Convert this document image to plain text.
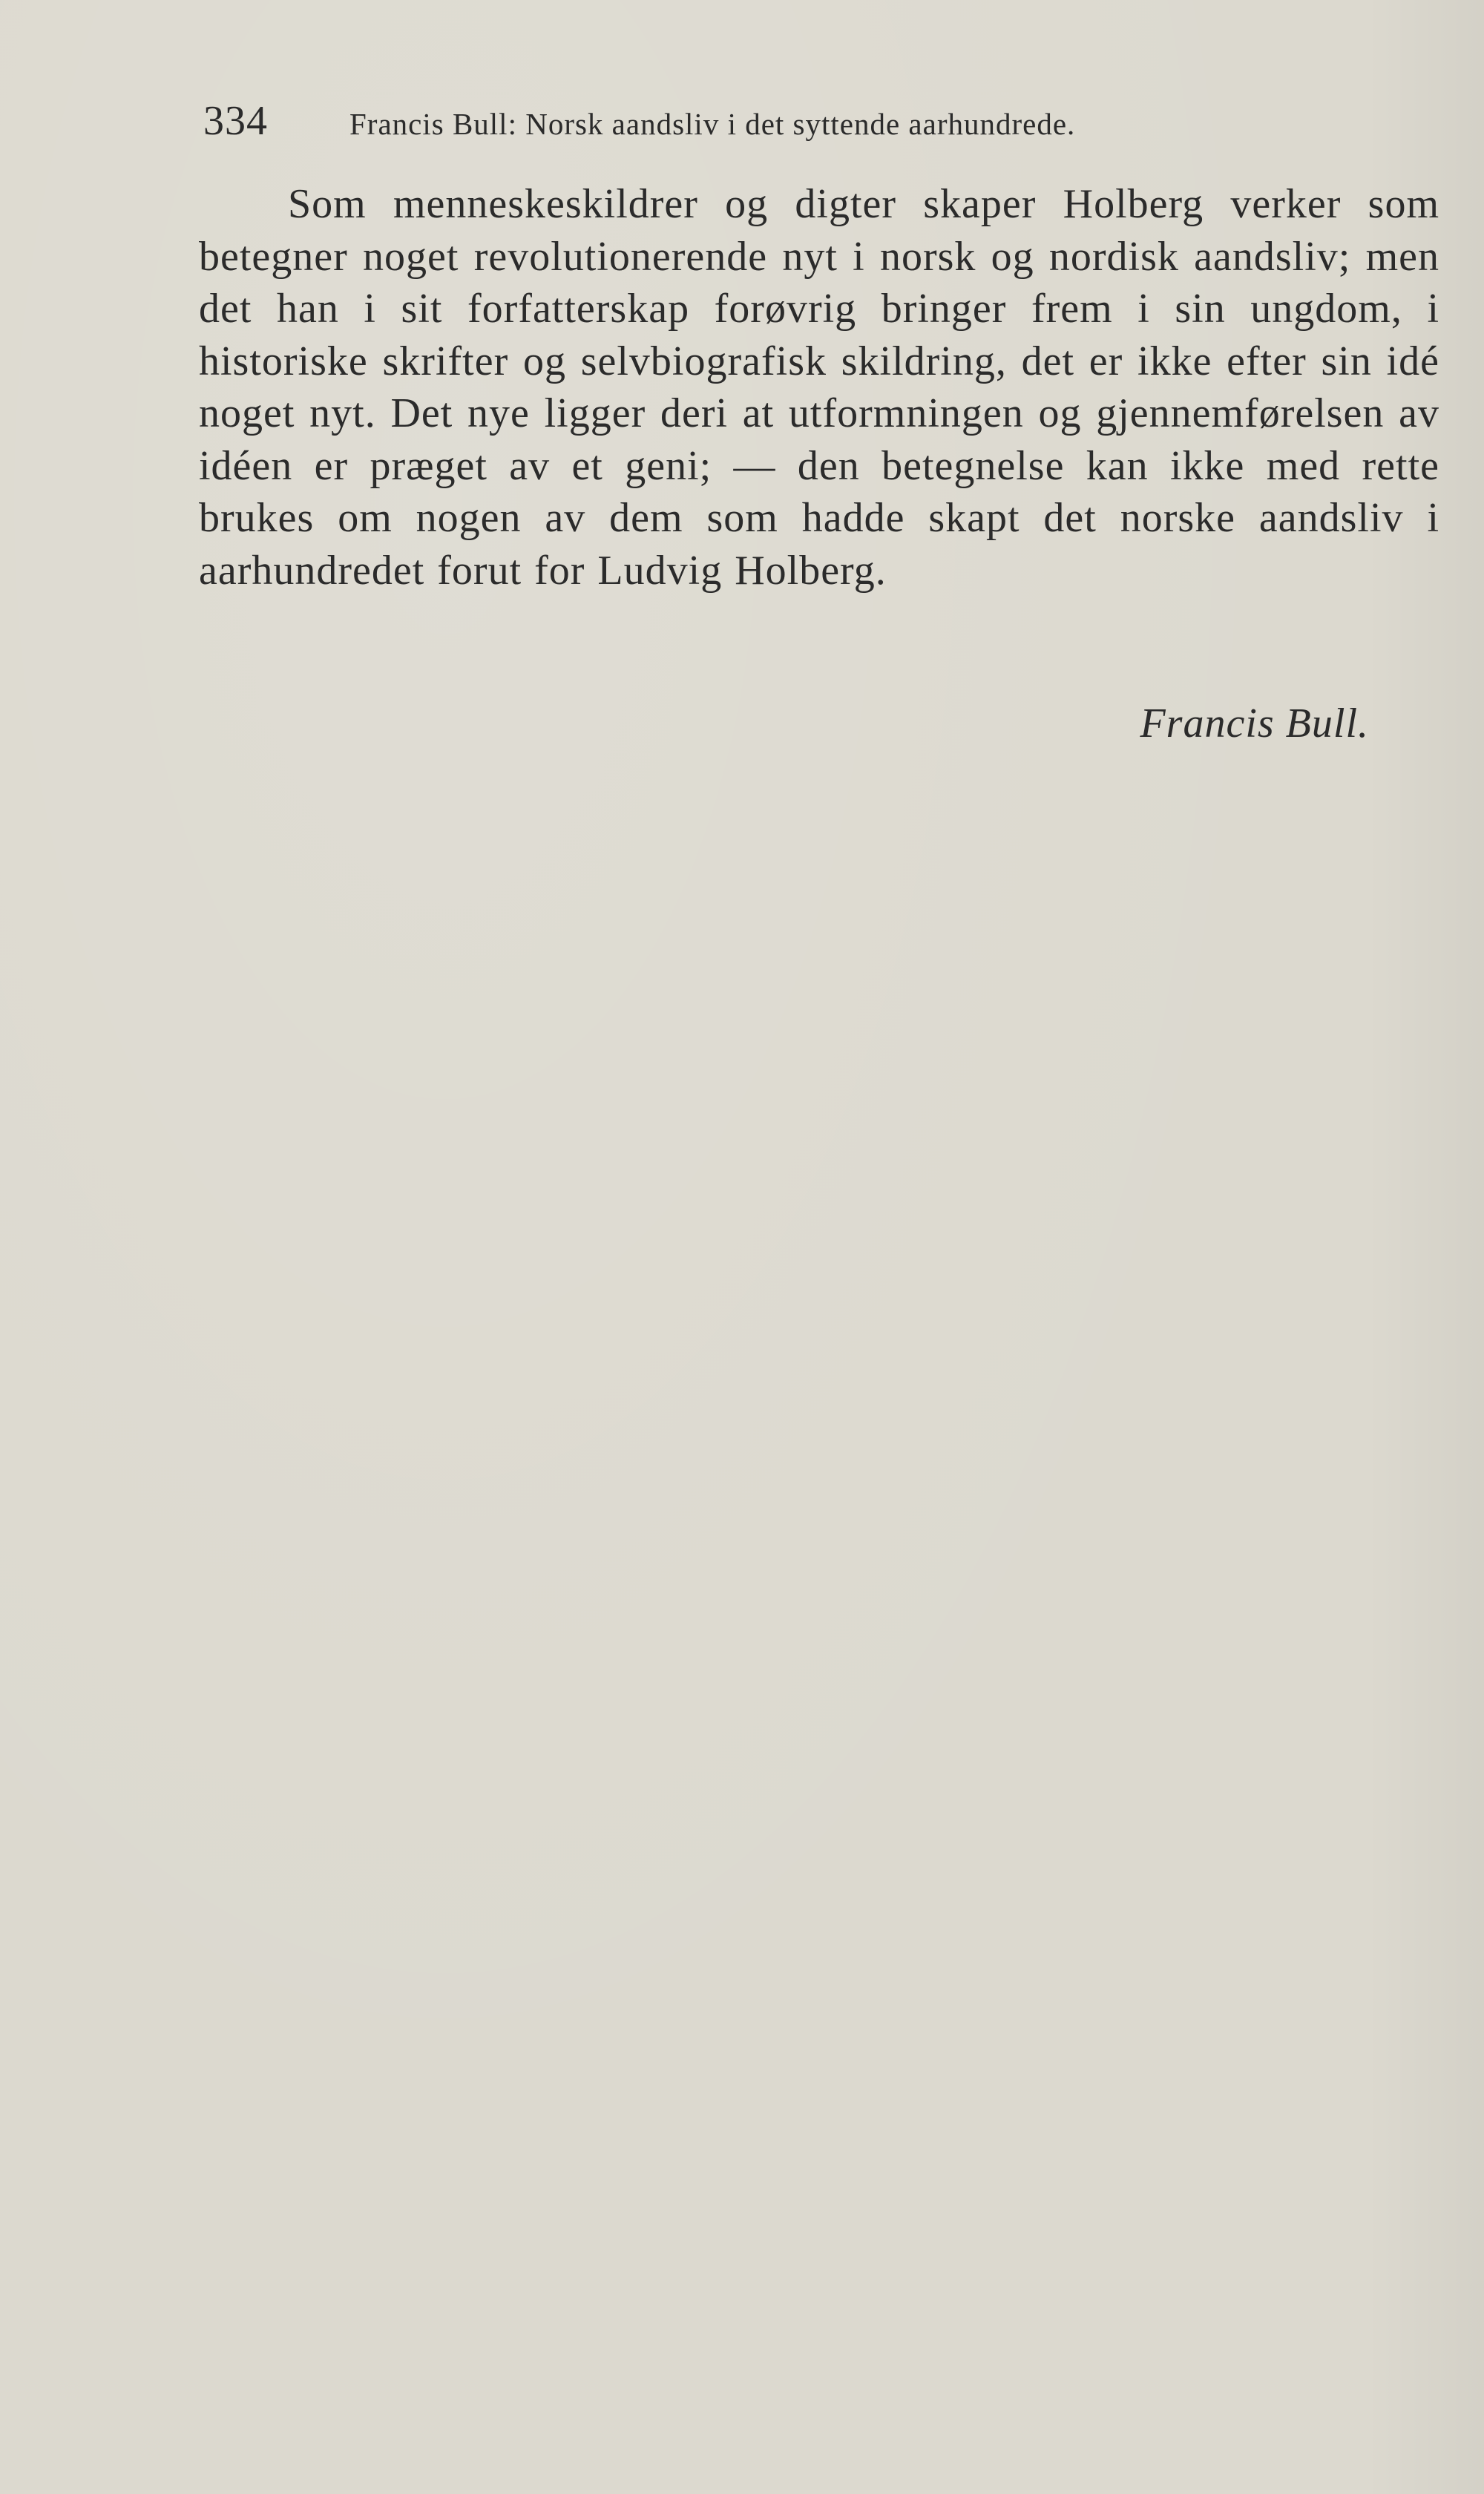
334	Francis Bull: Norsk aandsliv i det syttende aarhundrede.

Som menneskeskildrer og digter skaper Holberg verker som betegner noget revolutionerende nyt i norsk og nordisk aandsliv; men det han i sit forfatterskap forøvrig bringer frem i sin ungdom, i historiske skrifter og selvbiografisk skildring, det er ikke efter sin idé noget nyt. Det nye ligger deri at utformningen og gjennemførelsen av idéen er præget av et geni; — den betegnelse kan ikke med rette brukes om nogen av dem som hadde skapt det norske aandsliv i aarhundredet forut for Ludvig Holberg.

Francis Bull.
